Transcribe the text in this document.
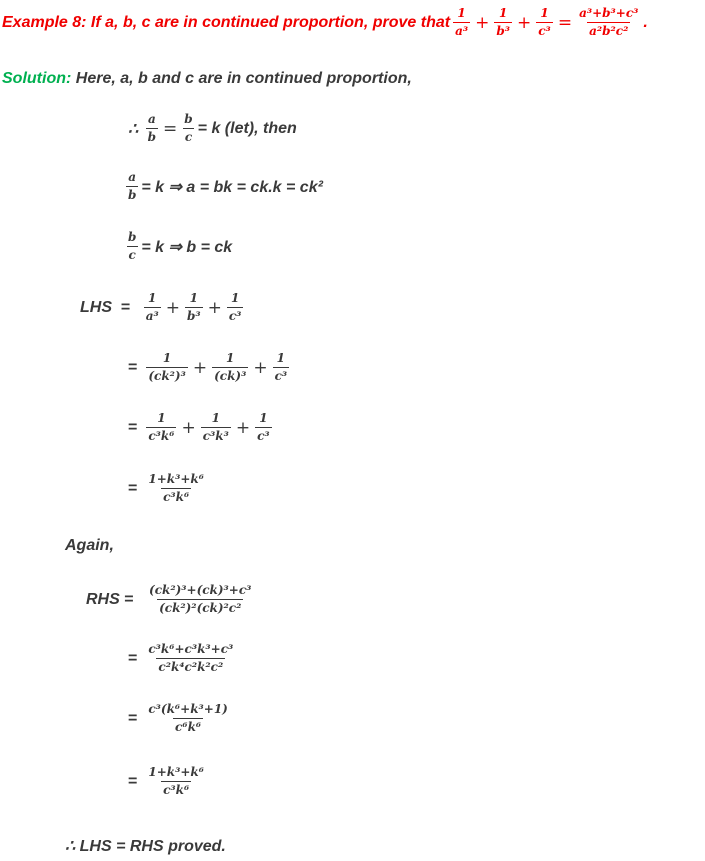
Example 8: If a, b, c are in continued proportion, prove that
1
$a^3 + \frac{1}{\text{b³}} + \frac{1}{\text{c³}} = \frac{\text{a³+b³+c³}}{\text{a²b²c²}}$ .
Solution:
Here, a, b and c are in continued proportion,
∴
$\frac{a}{b} = \frac{b}{c} = k$ (let), then
$\frac{a}{b} = k$ ⇒ a = bk = ck.k = ck²
$\frac{b}{c} = k$ ⇒ b = ck
LHS
=
$\frac{1}{\text{a³}} + \frac{1}{\text{b³}} + \frac{1}{\text{c³}}$
= $\frac{1}{\text{(ck²)³}} + \frac{1}{\text{(ck)³}} + \frac{1}{\text{c³}}$
= $\frac{1}{\text{c³k⁶}} + \frac{1}{\text{c³k³}} + \frac{1}{\text{c³}}$
= $\frac{\text{1+k³+k⁶}}{\text{c³k⁶}}$
Again,
RHS
=
$\frac{\text{(ck²)³+(ck)³+c³}}{\text{(ck²)²(ck)²c²}}$
= $\frac{\text{c³k⁶+c³k³+c³}}{\text{c²k⁴c²k²c²}}$
= $\frac{\text{c³(k⁶+k³+1)}}{\text{c⁶k⁶}}$
= $\frac{\text{1+k³+k⁶}}{\text{c³k⁶}}$
∴ LHS = RHS proved.
